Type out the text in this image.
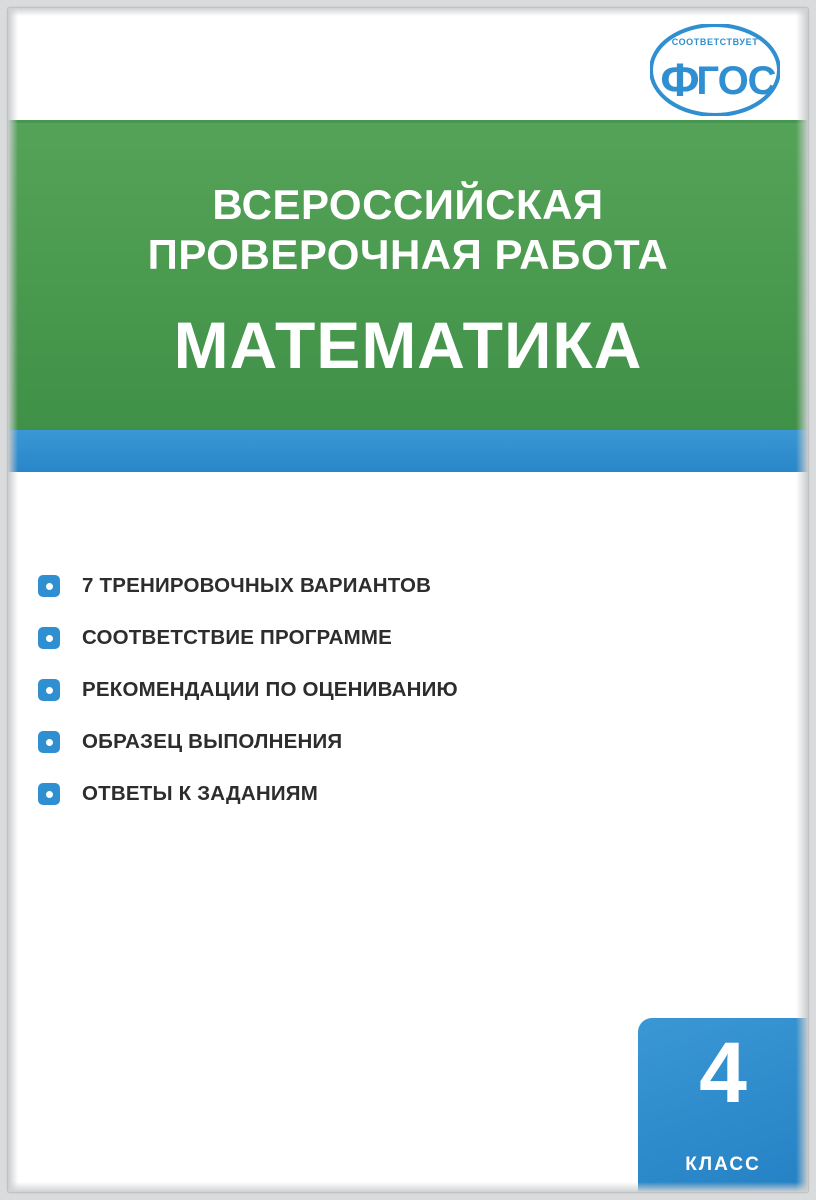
СООТВЕТСТВУЕТ
Ф
ГОС
ВСЕРОССИЙСКАЯ
ПРОВЕРОЧНАЯ РАБОТА
МАТЕМАТИКА
7 ТРЕНИРОВОЧНЫХ ВАРИАНТОВ
СООТВЕТСТВИЕ ПРОГРАММЕ
РЕКОМЕНДАЦИИ ПО ОЦЕНИВАНИЮ
ОБРАЗЕЦ ВЫПОЛНЕНИЯ
ОТВЕТЫ К ЗАДАНИЯМ
4
КЛАСС
